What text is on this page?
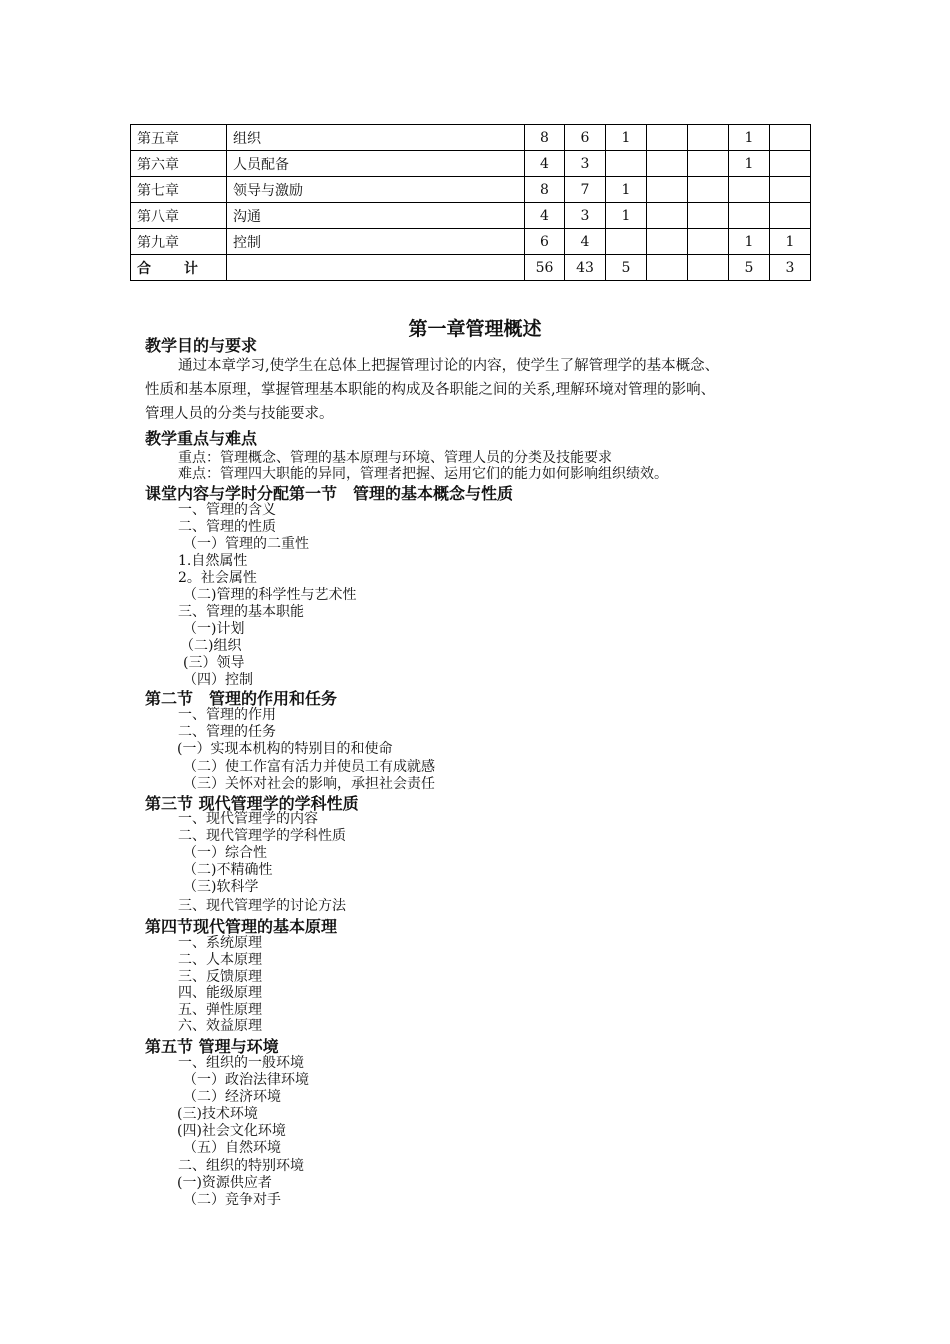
第五章	组织	8	6	1			1	
第六章	人员配备	4	3				1	
第七章	领导与激励	8	7	1				
第八章	沟通	4	3	1				
第九章	控制	6	4				1	1
合 计		56	43	5			5	3
第一章管理概述
教学目的与要求
通过本章学习,使学生在总体上把握管理讨论的内容，使学生了解管理学的基本概念、
性质和基本原理，掌握管理基本职能的构成及各职能之间的关系,理解环境对管理的影响、
管理人员的分类与技能要求。
教学重点与难点
重点：管理概念、管理的基本原理与环境、管理人员的分类及技能要求
难点：管理四大职能的异同，管理者把握、运用它们的能力如何影响组织绩效。
课堂内容与学时分配第一节　管理的基本概念与性质
一、管理的含义
二、管理的性质
（一）管理的二重性
1.自然属性
2。社会属性
（二)管理的科学性与艺术性
三、管理的基本职能
（一)计划
（二)组织
(三）领导
（四）控制
第二节　管理的作用和任务
一、管理的作用
二、管理的任务
(一）实现本机构的特别目的和使命
（二）使工作富有活力并使员工有成就感
（三）关怀对社会的影响，承担社会责任
第三节 现代管理学的学科性质
一、现代管理学的内容
二、现代管理学的学科性质
（一）综合性
（二)不精确性
（三)软科学
三、现代管理学的讨论方法
第四节现代管理的基本原理
一、系统原理
二、人本原理
三、反馈原理
四、能级原理
五、弹性原理
六、效益原理
第五节 管理与环境
一、组织的一般环境
（一）政治法律环境
（二）经济环境
(三)技术环境
(四)社会文化环境
（五）自然环境
二、组织的特别环境
(一)资源供应者
（二）竞争对手
